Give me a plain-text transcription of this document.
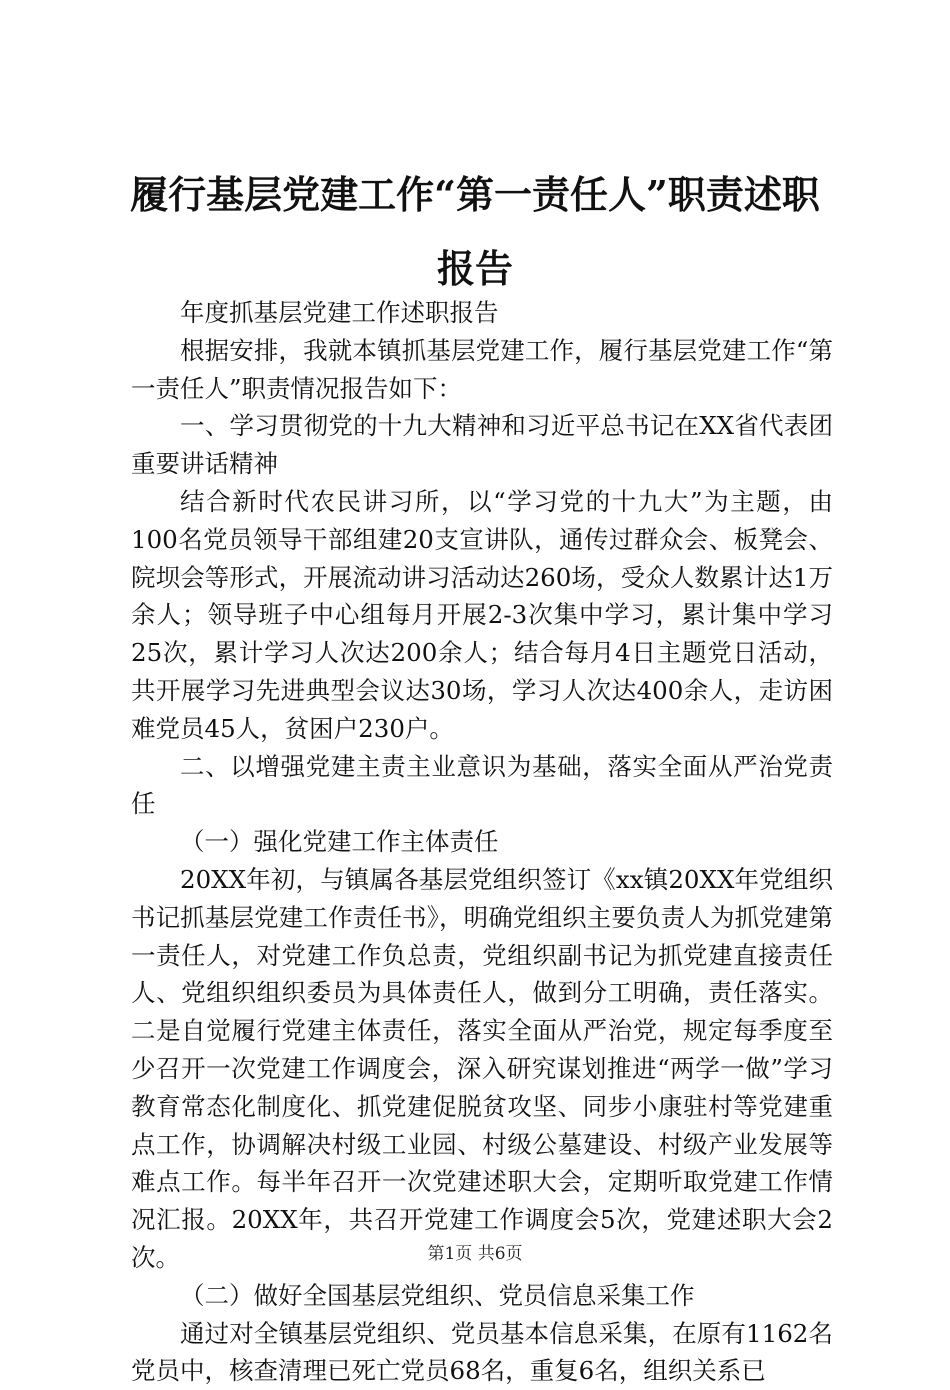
履行基层党建工作“第一责任人”职责述职报告

年度抓基层党建工作述职报告

根据安排，我就本镇抓基层党建工作，履行基层党建工作“第一责任人”职责情况报告如下：

一、学习贯彻党的十九大精神和习近平总书记在XX省代表团重要讲话精神

结合新时代农民讲习所，以“学习党的十九大”为主题，由100名党员领导干部组建20支宣讲队，通传过群众会、板凳会、院坝会等形式，开展流动讲习活动达260场，受众人数累计达1万余人；领导班子中心组每月开展2-3次集中学习，累计集中学习25次，累计学习人次达200余人；结合每月4日主题党日活动，共开展学习先进典型会议达30场，学习人次达400余人，走访困难党员45人，贫困户230户。

二、以增强党建主责主业意识为基础，落实全面从严治党责任

（一）强化党建工作主体责任

20XX年初，与镇属各基层党组织签订《xx镇20XX年党组织书记抓基层党建工作责任书》，明确党组织主要负责人为抓党建第一责任人，对党建工作负总责，党组织副书记为抓党建直接责任人、党组织组织委员为具体责任人，做到分工明确，责任落实。二是自觉履行党建主体责任，落实全面从严治党，规定每季度至少召开一次党建工作调度会，深入研究谋划推进“两学一做”学习教育常态化制度化、抓党建促脱贫攻坚、同步小康驻村等党建重点工作，协调解决村级工业园、村级公墓建设、村级产业发展等难点工作。每半年召开一次党建述职大会，定期听取党建工作情况汇报。20XX年，共召开党建工作调度会5次，党建述职大会2次。

（二）做好全国基层党组织、党员信息采集工作

通过对全镇基层党组织、党员基本信息采集，在原有1162名党员中，核查清理已死亡党员68名，重复6名，组织关系已

第1页 共6页
